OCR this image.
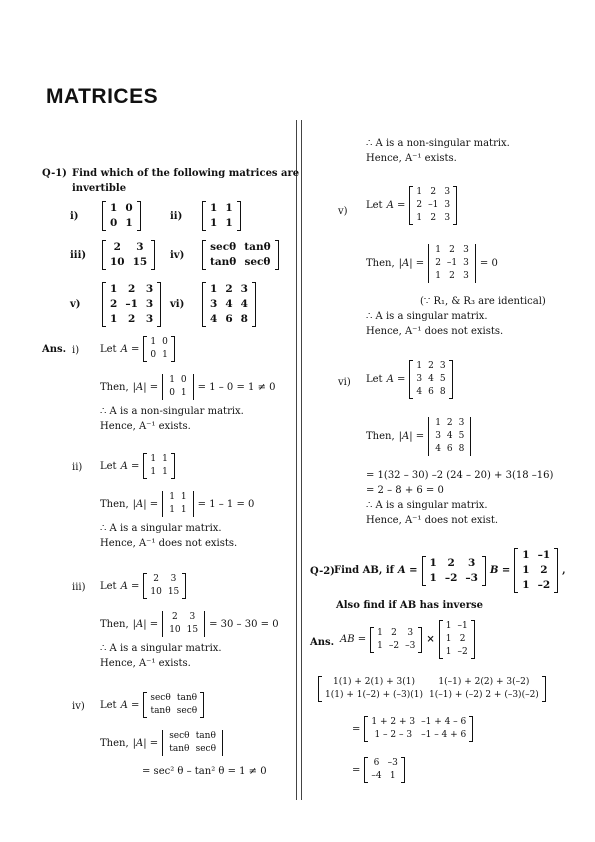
MATRICES
Q-1) Find which of the following matrices are
invertible
Ans.
∴ A is a non-singular matrix.
Hence, A⁻¹ exists.
i)
1	0
0	1
ii)
1	1
1	1
iii)
2	3
10	15
iv)
secθ	tanθ
tanθ	secθ
v)
1	2	3
2	–1	3
1	2	3
vi)
1	2	3
3	4	4
4	6	8
i) Let A =
1	0
0	1
Then, |A| =
1	0
0	1
= 1 – 0 = 1 ≠ 0
∴ A is a non-singular matrix.
Hence, A⁻¹ exists.
ii) Let A =
1	1
1	1
Then, |A| =
1	1
1	1
= 1 – 1 = 0
∴ A is a singular matrix.
Hence, A⁻¹ does not exists.
iii) Let A =
2	3
10	15
Then, |A| =
2	3
10	15
= 30 – 30 = 0
∴ A is a singular matrix.
Hence, A⁻¹ exists.
iv) Let A =
secθ	tanθ
tanθ	secθ
Then, |A| =
secθ	tanθ
tanθ	secθ
= sec² θ – tan² θ = 1 ≠ 0
v)
Let A =
1	2	3
2	–1	3
1	2	3
Then, |A| =
1	2	3
2	–1	3
1	2	3
= 0
(∵ R₁, & R₃ are identical)
∴ A is a singular matrix.
Hence, A⁻¹ does not exists.
vi) Let A =
1	2	3
3	4	5
4	6	8
Then, |A| =
1	2	3
3	4	5
4	6	8
= 1(32 – 30) –2 (24 – 20) + 3(18 –16)
= 2 – 8 + 6 = 0
∴ A is a singular matrix.
Hence, A⁻¹ does not exist.
Q-2) Find AB, if A =
1	2	3
1	–2	–3
B =
1	–1
1	2
1	–2
,
Also find if AB has inverse
Ans. AB =
1	2	3
1	–2	–3
×
1	–1
1	2
1	–2
1(1) + 2(1) + 3(1)	1(–1) + 2(2) + 3(–2)
1(1) + 1(–2) + (–3)(1)	1(–1) + (–2) 2 + (–3)(–2)
=
1 + 2 + 3	–1 + 4 – 6
1 – 2 – 3	–1 – 4 + 6
=
6	–3
–4	1
